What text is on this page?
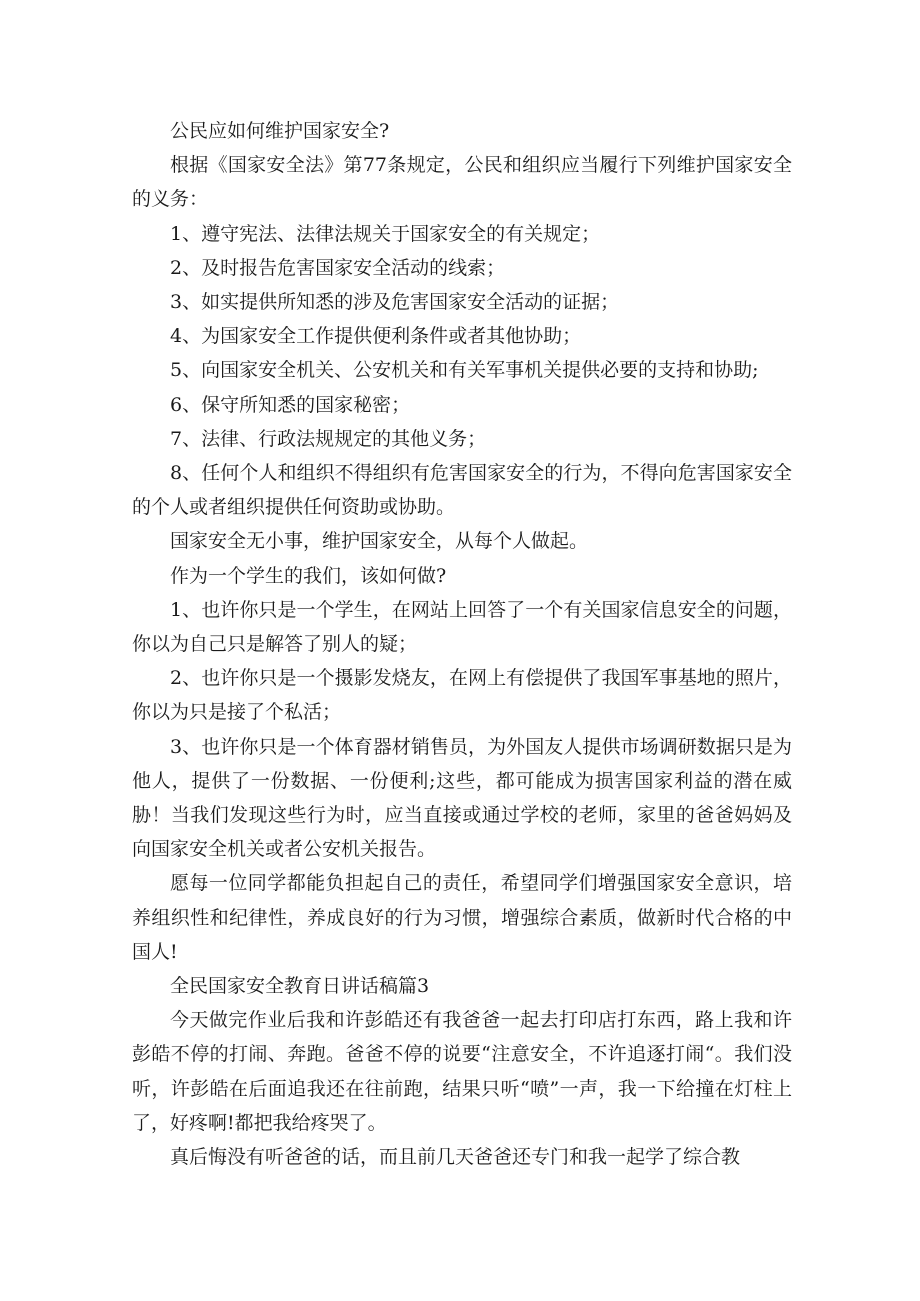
公民应如何维护国家安全?

根据《国家安全法》第77条规定，公民和组织应当履行下列维护国家安全的义务：

1、遵守宪法、法律法规关于国家安全的有关规定；

2、及时报告危害国家安全活动的线索；

3、如实提供所知悉的涉及危害国家安全活动的证据；

4、为国家安全工作提供便利条件或者其他协助；

5、向国家安全机关、公安机关和有关军事机关提供必要的支持和协助;

6、保守所知悉的国家秘密；

7、法律、行政法规规定的其他义务；

8、任何个人和组织不得组织有危害国家安全的行为，不得向危害国家安全的个人或者组织提供任何资助或协助。

国家安全无小事，维护国家安全，从每个人做起。

作为一个学生的我们，该如何做?

1、也许你只是一个学生，在网站上回答了一个有关国家信息安全的问题，你以为自己只是解答了别人的疑；

2、也许你只是一个摄影发烧友，在网上有偿提供了我国军事基地的照片，你以为只是接了个私活；

3、也许你只是一个体育器材销售员，为外国友人提供市场调研数据只是为他人，提供了一份数据、一份便利;这些，都可能成为损害国家利益的潜在威胁！当我们发现这些行为时，应当直接或通过学校的老师，家里的爸爸妈妈及向国家安全机关或者公安机关报告。

愿每一位同学都能负担起自己的责任，希望同学们增强国家安全意识，培养组织性和纪律性，养成良好的行为习惯，增强综合素质，做新时代合格的中国人!

全民国家安全教育日讲话稿篇3

今天做完作业后我和许彭皓还有我爸爸一起去打印店打东西，路上我和许彭皓不停的打闹、奔跑。爸爸不停的说要“注意安全，不许追逐打闹“。我们没听，许彭皓在后面追我还在往前跑，结果只听“喷”一声，我一下给撞在灯柱上了，好疼啊!都把我给疼哭了。

真后悔没有听爸爸的话，而且前几天爸爸还专门和我一起学了综合教
